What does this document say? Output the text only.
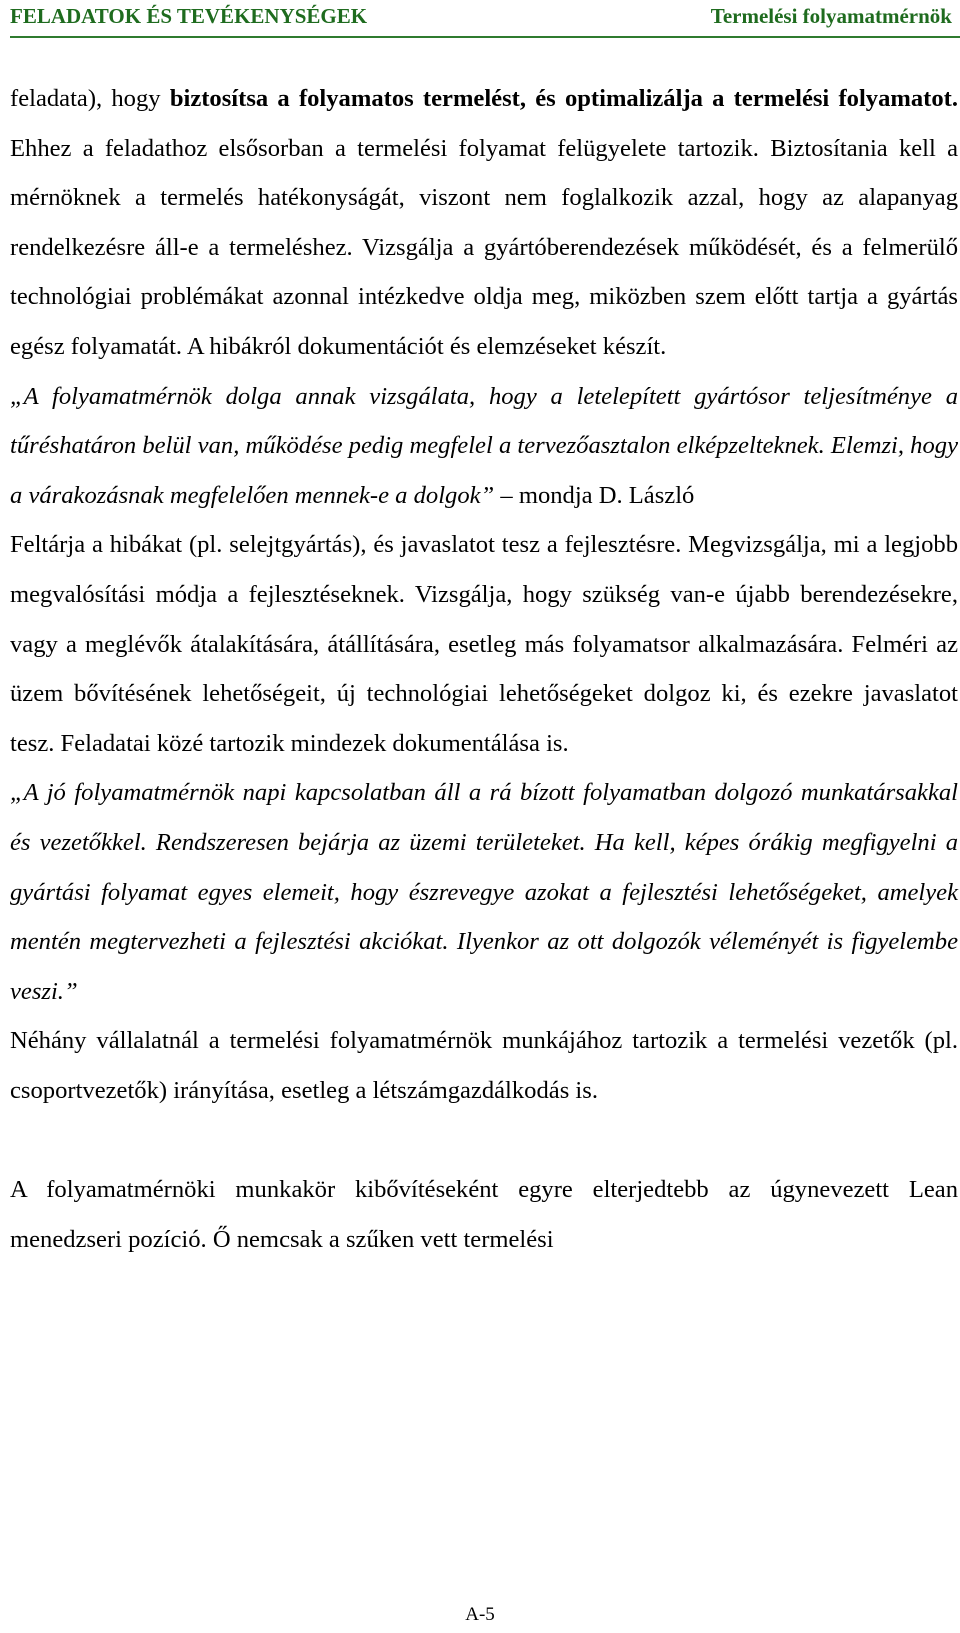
FELADATOK ÉS TEVÉKENYSÉGEK	Termelési folyamatmérnök

feladata), hogy biztosítsa a folyamatos termelést, és optimalizálja a termelési folyamatot. Ehhez a feladathoz elsősorban a termelési folyamat felügyelete tartozik. Biztosítania kell a mérnöknek a termelés hatékonyságát, viszont nem foglalkozik azzal, hogy az alapanyag rendelkezésre áll-e a termeléshez. Vizsgálja a gyártóberendezések működését, és a felmerülő technológiai problémákat azonnal intézkedve oldja meg, miközben szem előtt tartja a gyártás egész folyamatát. A hibákról dokumentációt és elemzéseket készít.

„A folyamatmérnök dolga annak vizsgálata, hogy a letelepített gyártósor teljesítménye a tűréshatáron belül van, működése pedig megfelel a tervezőasztalon elképzelteknek. Elemzi, hogy a várakozásnak megfelelően mennek-e a dolgok” – mondja D. László

Feltárja a hibákat (pl. selejtgyártás), és javaslatot tesz a fejlesztésre. Megvizsgálja, mi a legjobb megvalósítási módja a fejlesztéseknek. Vizsgálja, hogy szükség van-e újabb berendezésekre, vagy a meglévők átalakítására, átállítására, esetleg más folyamatsor alkalmazására. Felméri az üzem bővítésének lehetőségeit, új technológiai lehetőségeket dolgoz ki, és ezekre javaslatot tesz. Feladatai közé tartozik mindezek dokumentálása is.

„A jó folyamatmérnök napi kapcsolatban áll a rá bízott folyamatban dolgozó munkatársakkal és vezetőkkel. Rendszeresen bejárja az üzemi területeket. Ha kell, képes órákig megfigyelni a gyártási folyamat egyes elemeit, hogy észrevegye azokat a fejlesztési lehetőségeket, amelyek mentén megtervezheti a fejlesztési akciókat. Ilyenkor az ott dolgozók véleményét is figyelembe veszi.”

Néhány vállalatnál a termelési folyamatmérnök munkájához tartozik a termelési vezetők (pl. csoportvezetők) irányítása, esetleg a létszámgazdálkodás is.

A folyamatmérnöki munkakör kibővítéseként egyre elterjedtebb az úgynevezett Lean menedzseri pozíció. Ő nemcsak a szűken vett termelési

A-5
